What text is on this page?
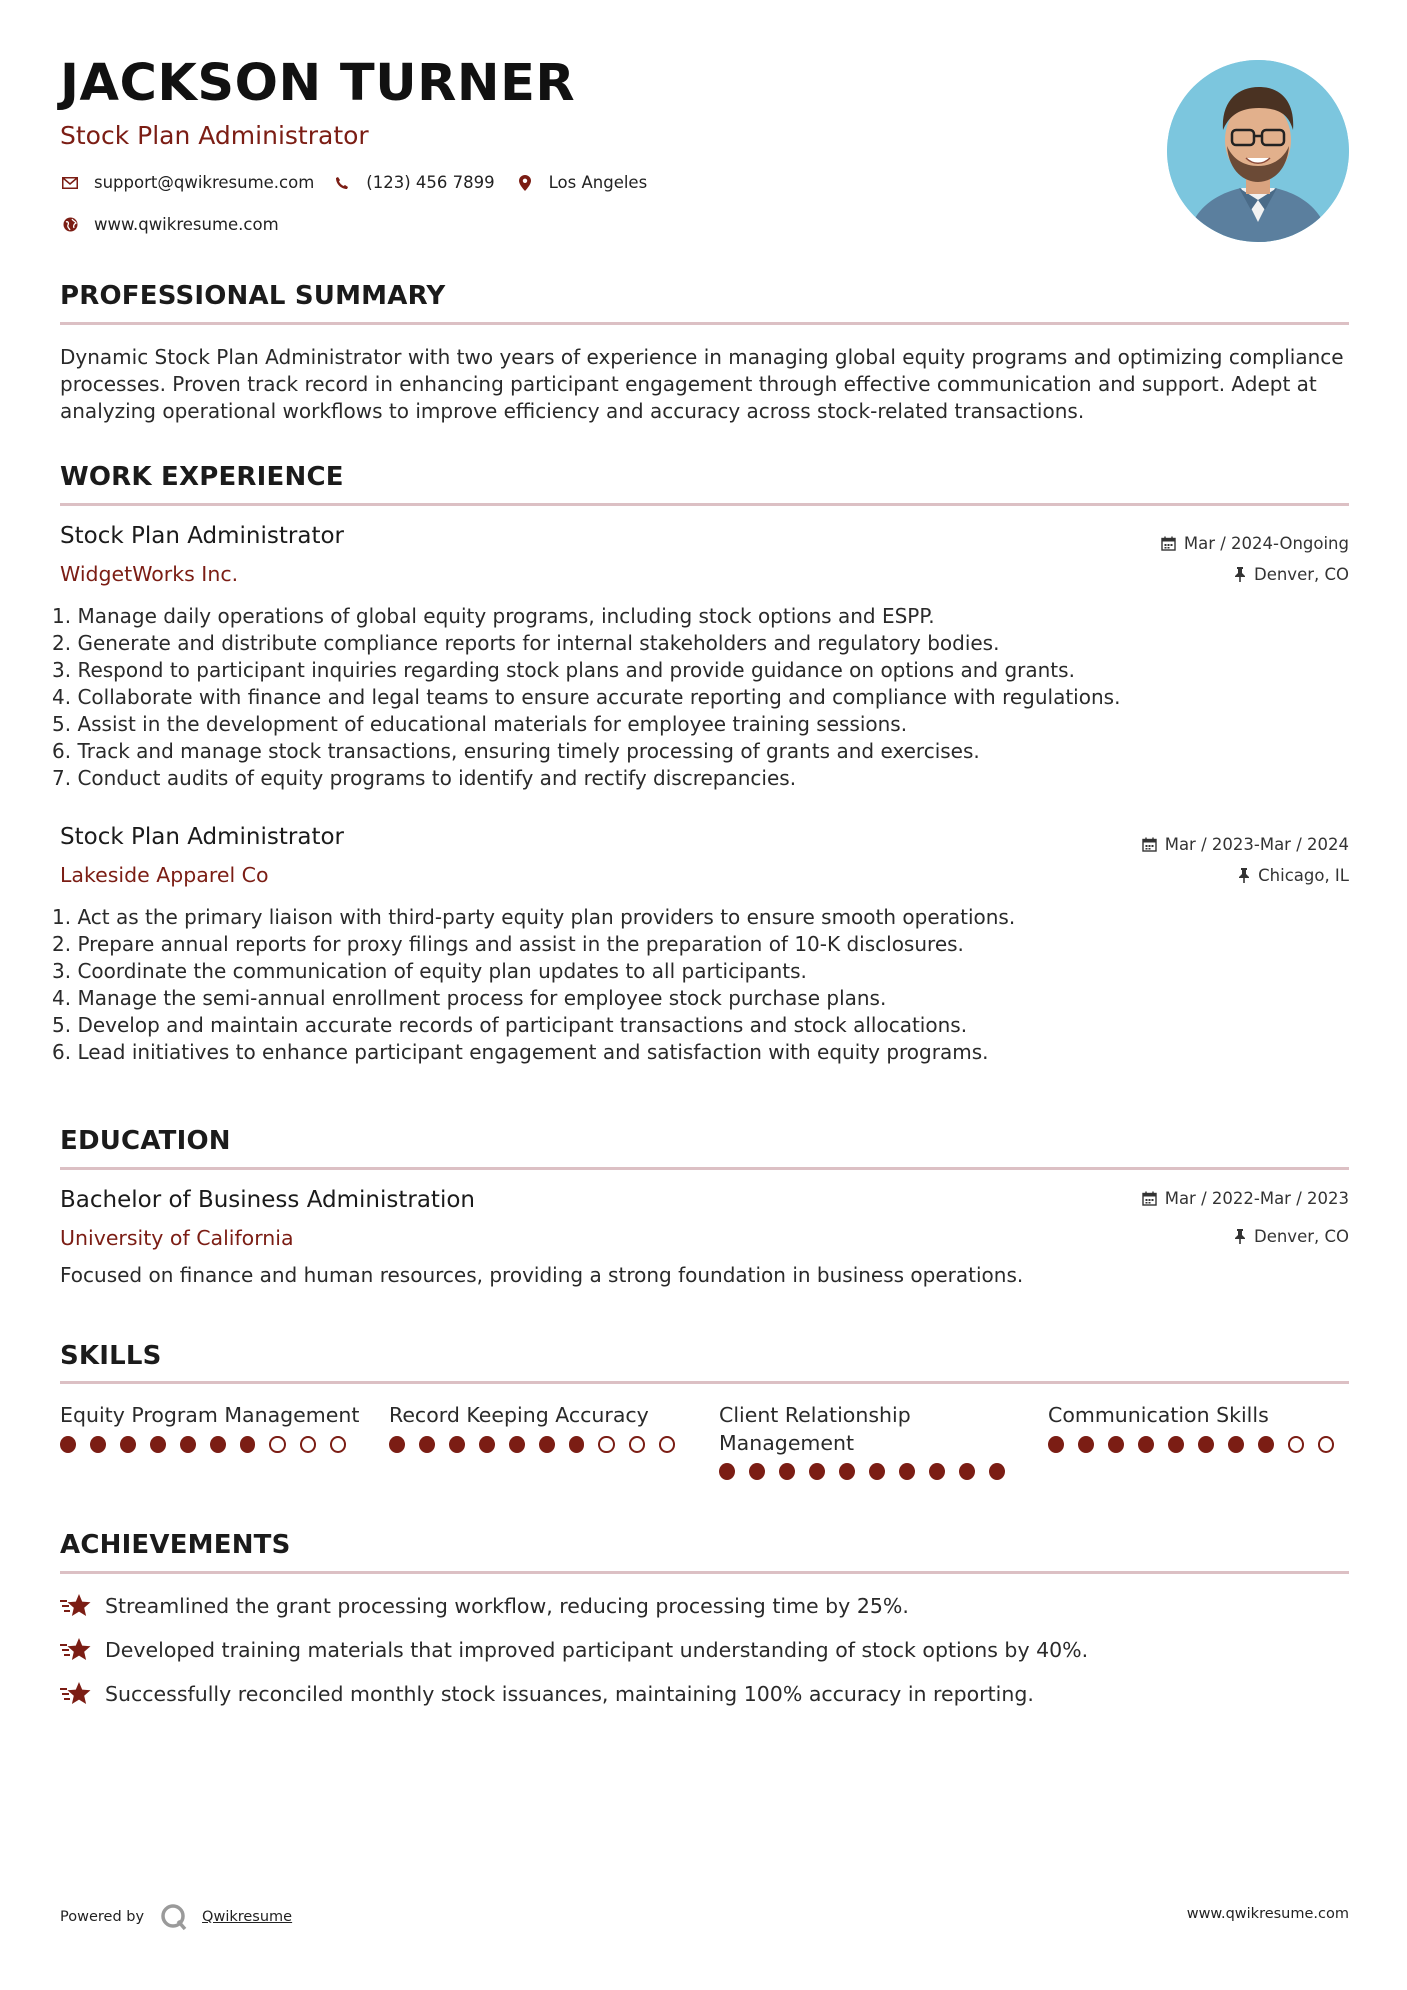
JACKSON TURNER
Stock Plan Administrator
support@qwikresume.com	(123) 456 7899	Los Angeles
www.qwikresume.com
PROFESSIONAL SUMMARY
Dynamic Stock Plan Administrator with two years of experience in managing global equity programs and optimizing compliance processes. Proven track record in enhancing participant engagement through effective communication and support. Adept at analyzing operational workflows to improve efficiency and accuracy across stock-related transactions.
WORK EXPERIENCE
Stock Plan Administrator
WidgetWorks Inc.
Mar / 2024-Ongoing
Denver, CO
1. Manage daily operations of global equity programs, including stock options and ESPP.
2. Generate and distribute compliance reports for internal stakeholders and regulatory bodies.
3. Respond to participant inquiries regarding stock plans and provide guidance on options and grants.
4. Collaborate with finance and legal teams to ensure accurate reporting and compliance with regulations.
5. Assist in the development of educational materials for employee training sessions.
6. Track and manage stock transactions, ensuring timely processing of grants and exercises.
7. Conduct audits of equity programs to identify and rectify discrepancies.
Stock Plan Administrator
Lakeside Apparel Co
Mar / 2023-Mar / 2024
Chicago, IL
1. Act as the primary liaison with third-party equity plan providers to ensure smooth operations.
2. Prepare annual reports for proxy filings and assist in the preparation of 10-K disclosures.
3. Coordinate the communication of equity plan updates to all participants.
4. Manage the semi-annual enrollment process for employee stock purchase plans.
5. Develop and maintain accurate records of participant transactions and stock allocations.
6. Lead initiatives to enhance participant engagement and satisfaction with equity programs.
EDUCATION
Bachelor of Business Administration
University of California
Mar / 2022-Mar / 2023
Denver, CO
Focused on finance and human resources, providing a strong foundation in business operations.
SKILLS
Equity Program Management Record Keeping Accuracy	Client Relationship Management
Communication Skills
ACHIEVEMENTS
Streamlined the grant processing workflow, reducing processing time by 25%.
Developed training materials that improved participant understanding of stock options by 40%.
Successfully reconciled monthly stock issuances, maintaining 100% accuracy in reporting.
Powered by	Qwikresume	www.qwikresume.com
